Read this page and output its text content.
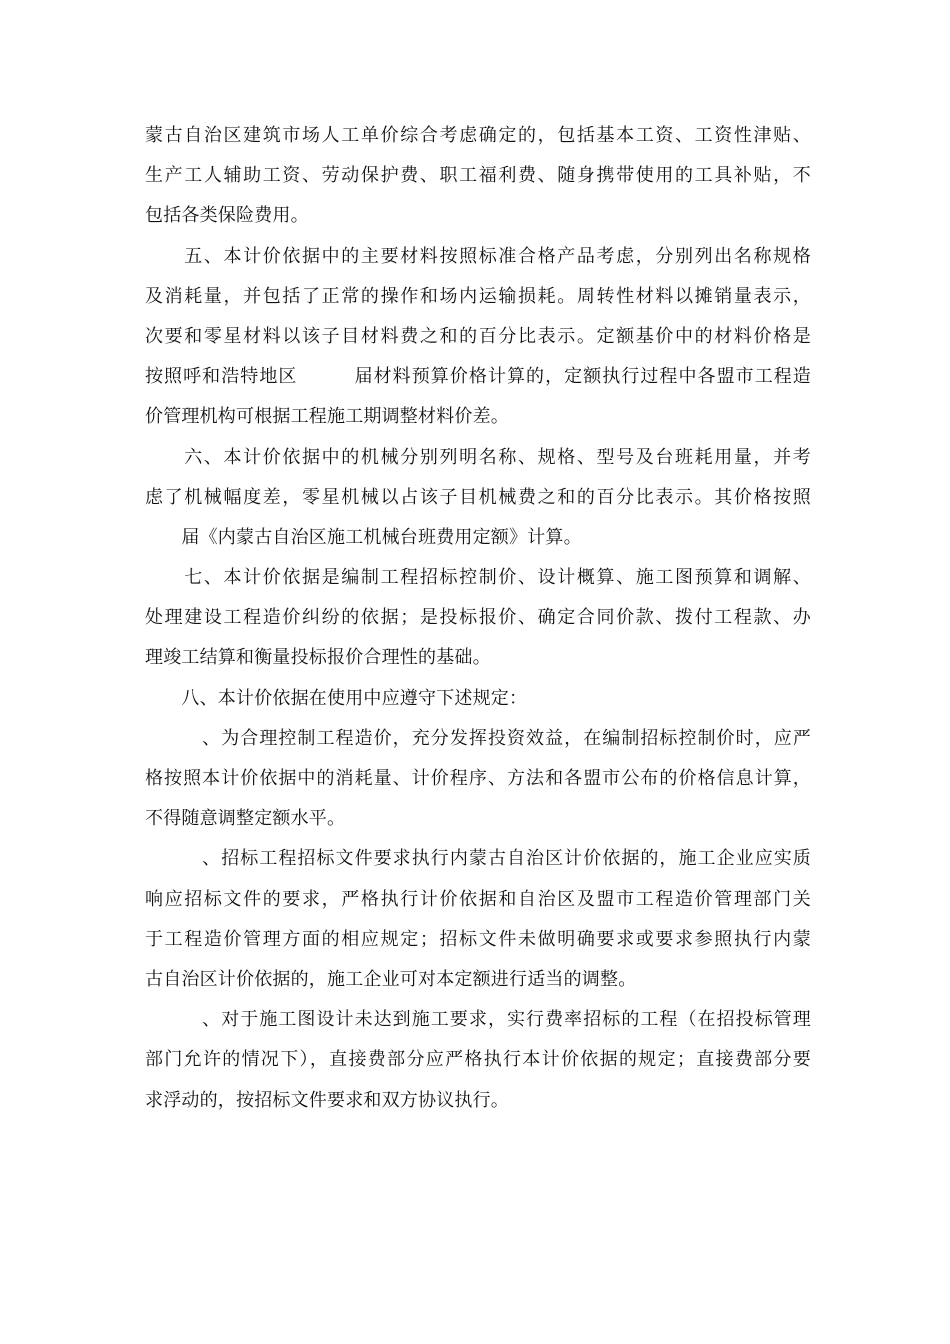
蒙古自治区建筑市场人工单价综合考虑确定的，包括基本工资、工资性津贴、
生产工人辅助工资、劳动保护费、职工福利费、随身携带使用的工具补贴，不
包括各类保险费用。
　　五、本计价依据中的主要材料按照标准合格产品考虑，分别列出名称规格
及消耗量，并包括了正常的操作和场内运输损耗。周转性材料以摊销量表示，
次要和零星材料以该子目材料费之和的百分比表示。定额基价中的材料价格是
按照呼和浩特地区　　　届材料预算价格计算的，定额执行过程中各盟市工程造
价管理机构可根据工程施工期调整材料价差。
　　六、本计价依据中的机械分别列明名称、规格、型号及台班耗用量，并考
虑了机械幅度差，零星机械以占该子目机械费之和的百分比表示。其价格按照
　　届《内蒙古自治区施工机械台班费用定额》计算。
　　七、本计价依据是编制工程招标控制价、设计概算、施工图预算和调解、
处理建设工程造价纠纷的依据；是投标报价、确定合同价款、拨付工程款、办
理竣工结算和衡量投标报价合理性的基础。
　　八、本计价依据在使用中应遵守下述规定：
　　　、为合理控制工程造价，充分发挥投资效益，在编制招标控制价时，应严
格按照本计价依据中的消耗量、计价程序、方法和各盟市公布的价格信息计算，
不得随意调整定额水平。
　　　、招标工程招标文件要求执行内蒙古自治区计价依据的，施工企业应实质
响应招标文件的要求，严格执行计价依据和自治区及盟市工程造价管理部门关
于工程造价管理方面的相应规定；招标文件未做明确要求或要求参照执行内蒙
古自治区计价依据的，施工企业可对本定额进行适当的调整。
　　　、对于施工图设计未达到施工要求，实行费率招标的工程（在招投标管理
部门允许的情况下），直接费部分应严格执行本计价依据的规定；直接费部分要
求浮动的，按招标文件要求和双方协议执行。
